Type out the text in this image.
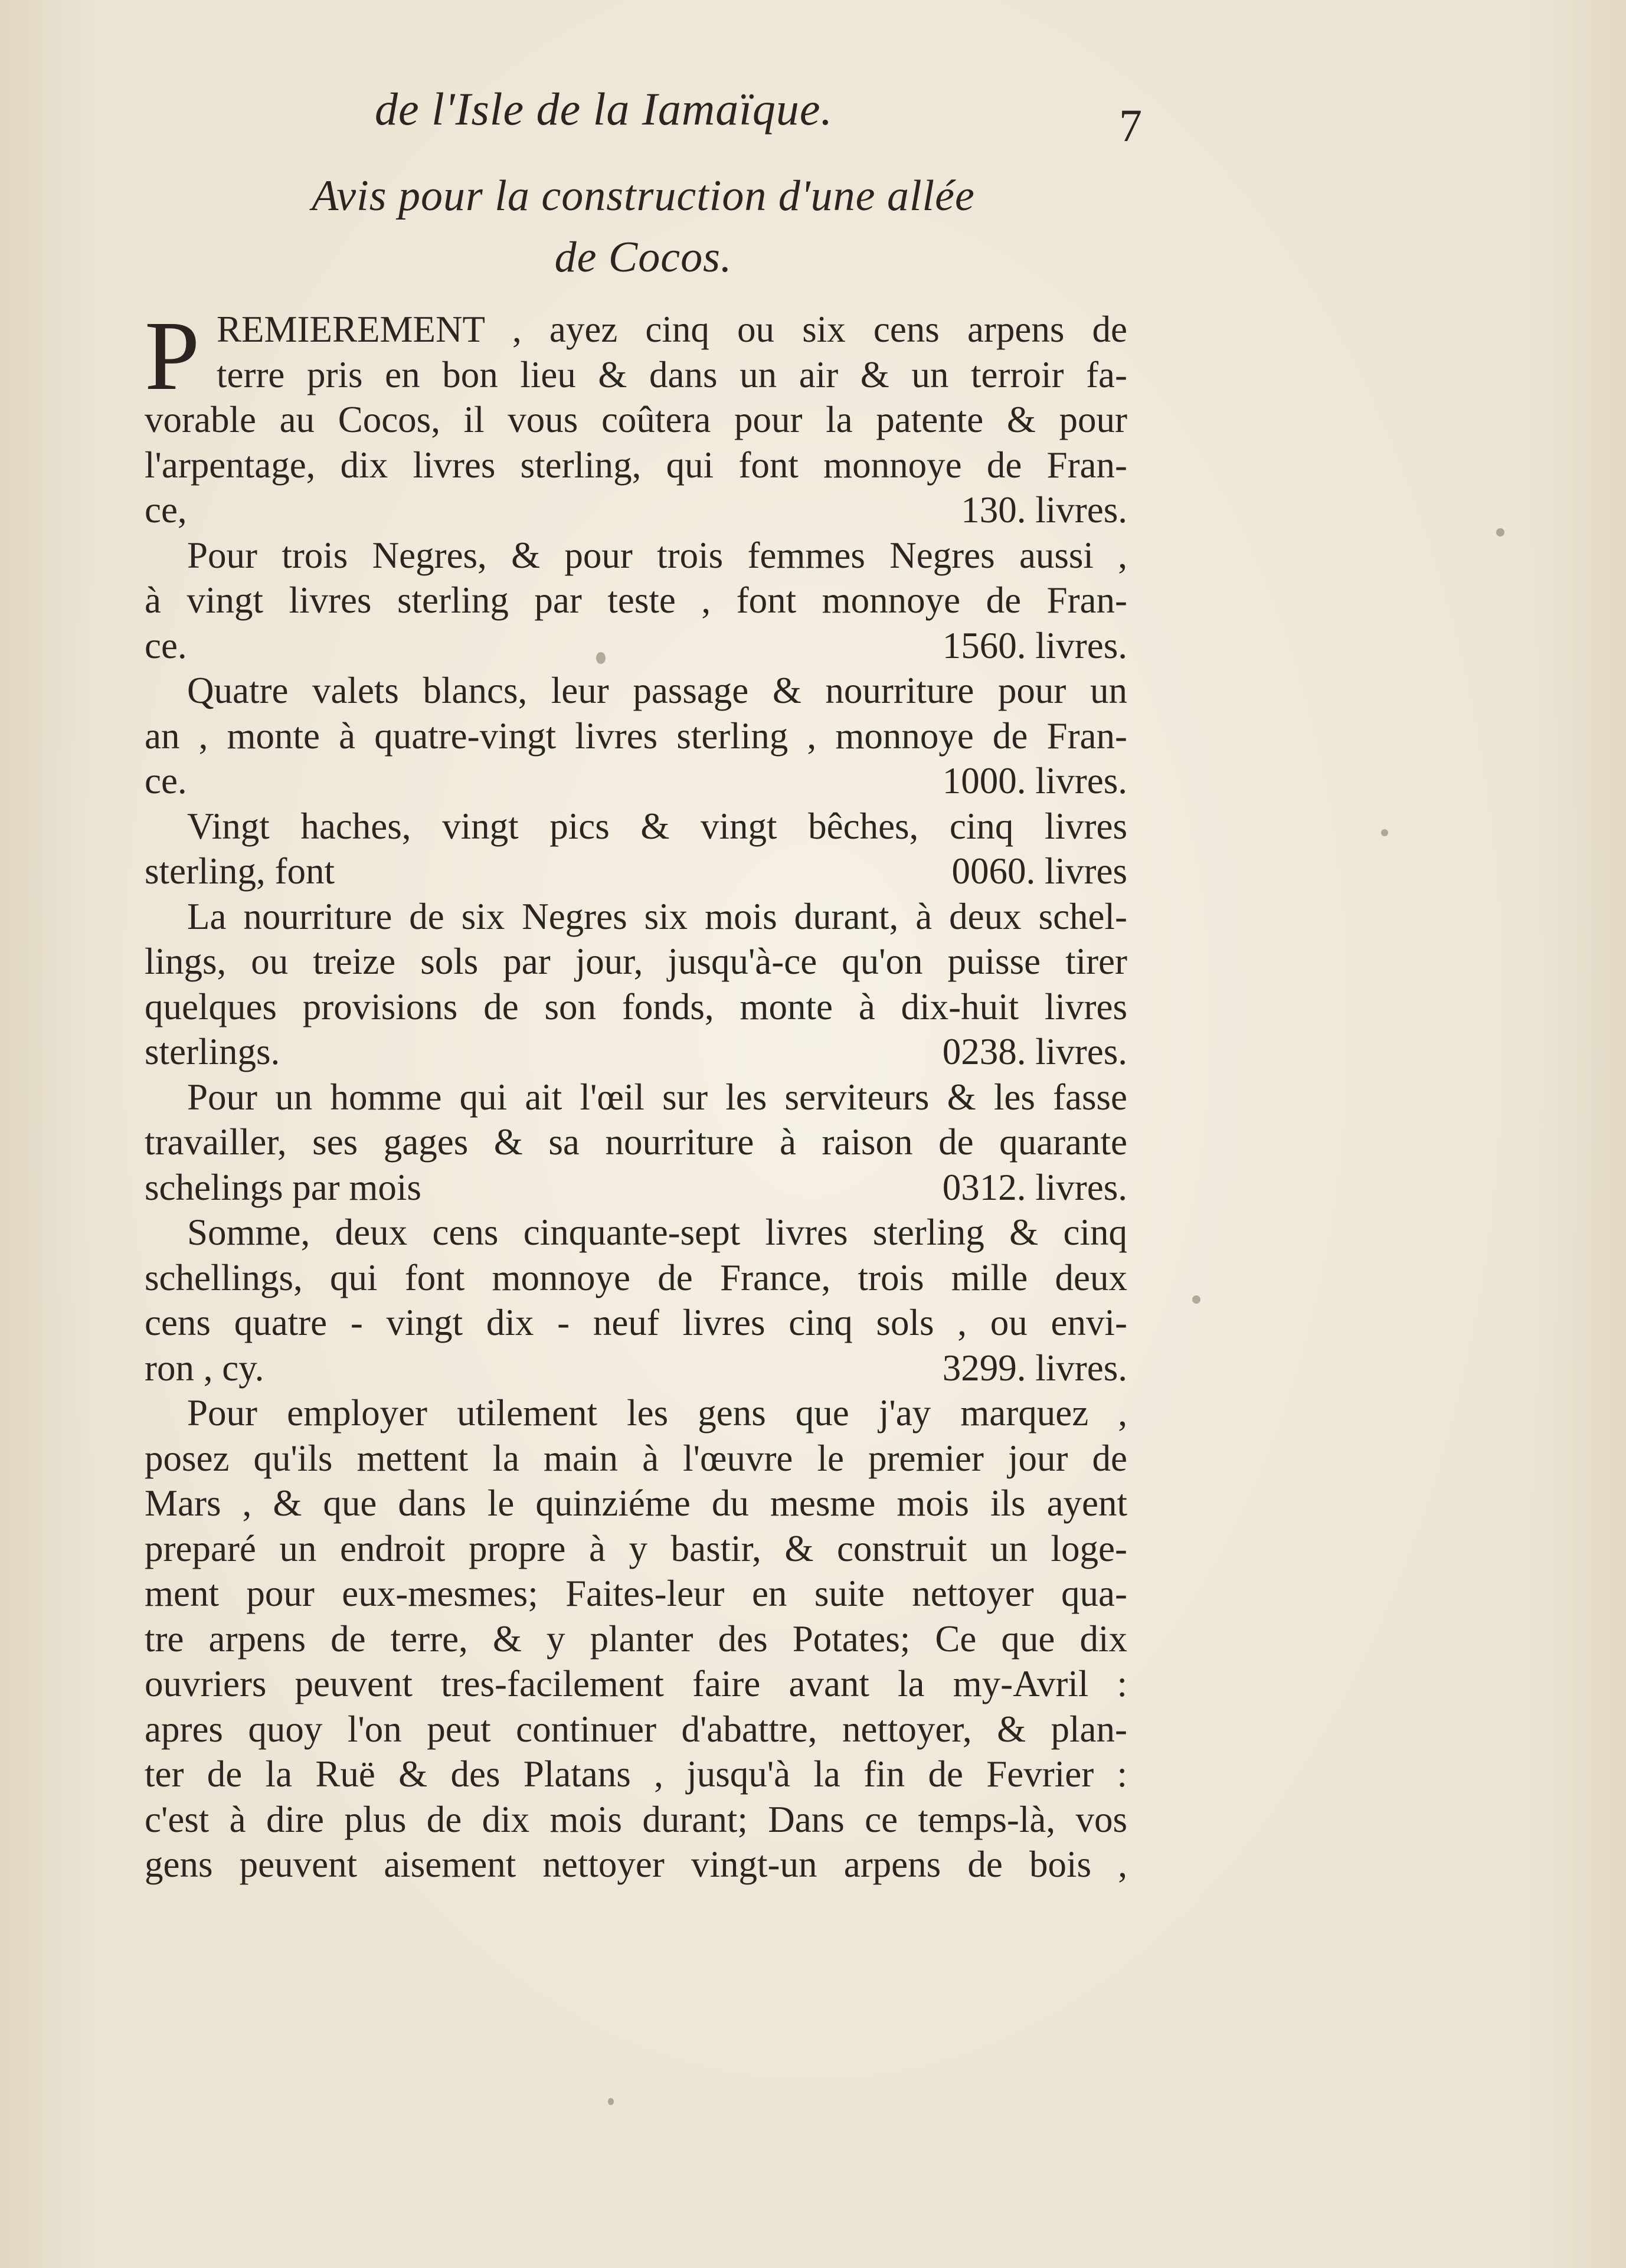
de l'Isle de la Iamaïque.	7
Avis pour la construction d'une allée
de Cocos.
P REMIEREMENT , ayez cinq ou six cens arpens de
terre pris en bon lieu & dans un air & un terroir fa-
vorable au Cocos, il vous coûtera pour la patente & pour
l'arpentage, dix livres sterling, qui font monnoye de Fran-
ce,	130. livres.
Pour trois Negres, & pour trois femmes Negres aussi ,
à vingt livres sterling par teste , font monnoye de Fran-
ce.	1560. livres.
Quatre valets blancs, leur passage & nourriture pour un
an , monte à quatre-vingt livres sterling , monnoye de Fran-
ce.	1000. livres.
Vingt haches, vingt pics & vingt bêches, cinq livres
sterling, font	0060. livres
La nourriture de six Negres six mois durant, à deux schel-
lings, ou treize sols par jour, jusqu'à-ce qu'on puisse tirer
quelques provisions de son fonds, monte à dix-huit livres
sterlings.	0238. livres.
Pour un homme qui ait l'œil sur les serviteurs & les fasse
travailler, ses gages & sa nourriture à raison de quarante
schelings par mois	0312. livres.
Somme, deux cens cinquante-sept livres sterling & cinq
schellings, qui font monnoye de France, trois mille deux
cens quatre - vingt dix - neuf livres cinq sols , ou envi-
ron , cy.	3299. livres.
Pour employer utilement les gens que j'ay marquez ,
posez qu'ils mettent la main à l'œuvre le premier jour de
Mars , & que dans le quinziéme du mesme mois ils ayent
preparé un endroit propre à y bastir, & construit un loge-
ment pour eux-mesmes; Faites-leur en suite nettoyer qua-
tre arpens de terre, & y planter des Potates; Ce que dix
ouvriers peuvent tres-facilement faire avant la my-Avril :
apres quoy l'on peut continuer d'abattre, nettoyer, & plan-
ter de la Ruë & des Platans , jusqu'à la fin de Fevrier :
c'est à dire plus de dix mois durant; Dans ce temps-là, vos
gens peuvent aisement nettoyer vingt-un arpens de bois ,
